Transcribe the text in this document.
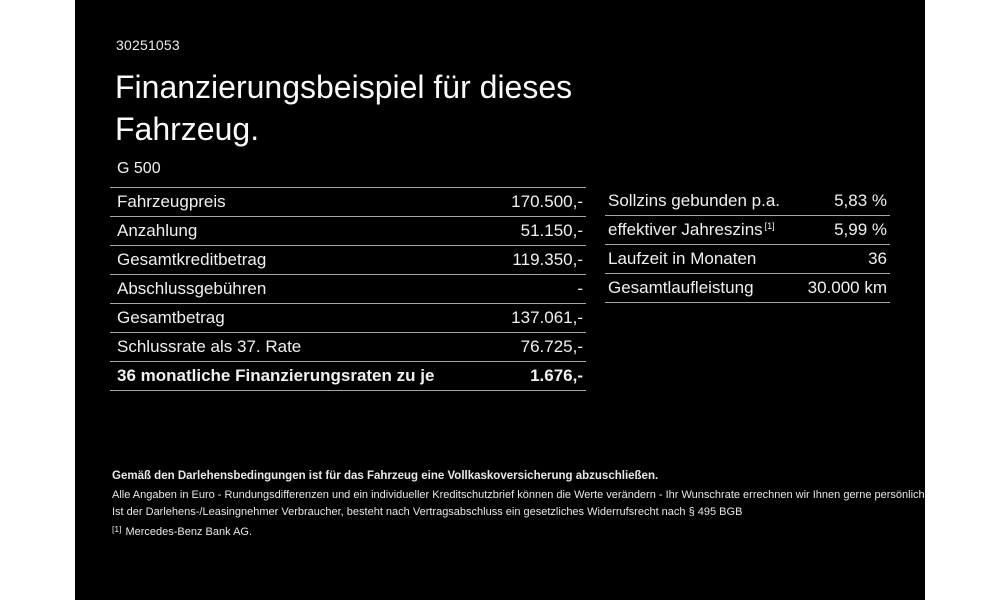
30251053
Finanzierungsbeispiel für dieses Fahrzeug.
G 500
Fahrzeugpreis	170.500,-
Anzahlung	51.150,-
Gesamtkreditbetrag	119.350,-
Abschlussgebühren	-
Gesamtbetrag	137.061,-
Schlussrate als 37. Rate	76.725,-
36 monatliche Finanzierungsraten zu je	1.676,-
Sollzins gebunden p.a.	5,83 %
effektiver Jahreszins [1]	5,99 %
Laufzeit in Monaten	36
Gesamtlaufleistung	30.000 km
Gemäß den Darlehensbedingungen ist für das Fahrzeug eine Vollkaskoversicherung abzuschließen.
Alle Angaben in Euro - Rundungsdifferenzen und ein individueller Kreditschutzbrief können die Werte verändern - Ihr Wunschrate errechnen wir Ihnen gerne persönlich
Ist der Darlehens-/Leasingnehmer Verbraucher, besteht nach Vertragsabschluss ein gesetzliches Widerrufsrecht nach § 495 BGB
[1] Mercedes-Benz Bank AG.
